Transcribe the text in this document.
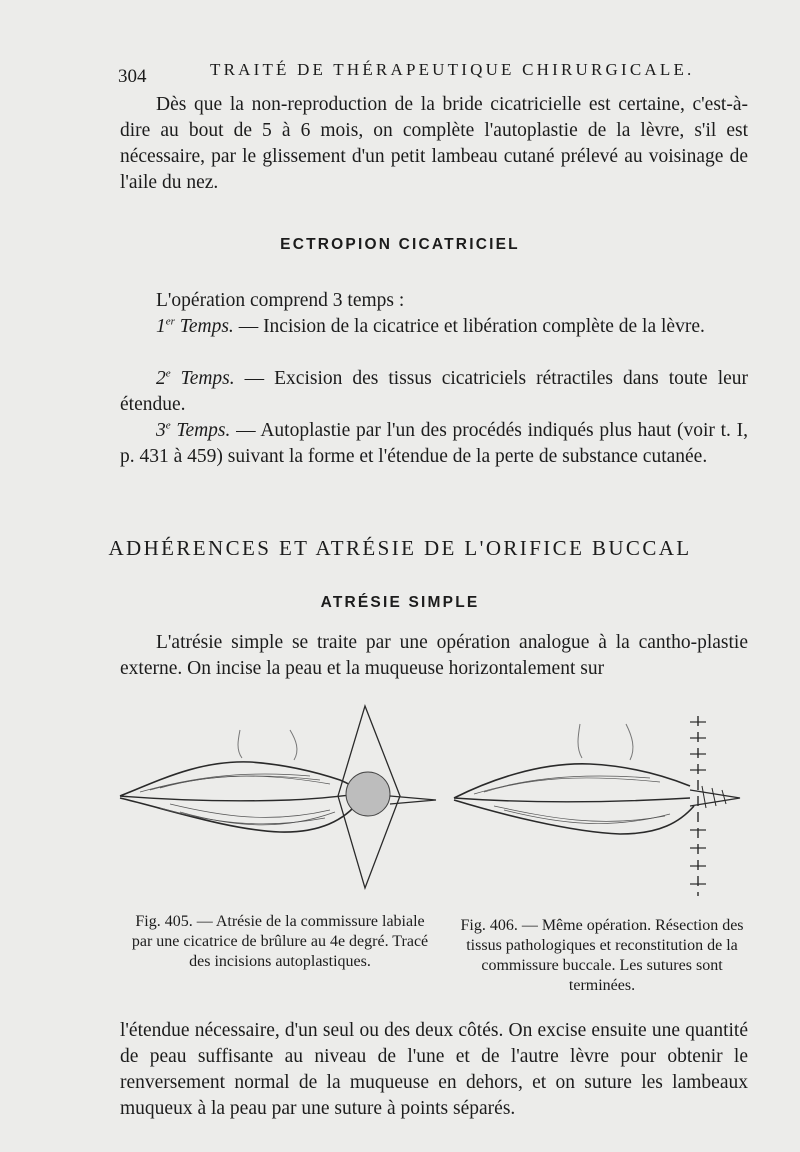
304	TRAITÉ DE THÉRAPEUTIQUE CHIRURGICALE.

Dès que la non-reproduction de la bride cicatricielle est certaine, c'est-à-dire au bout de 5 à 6 mois, on complète l'autoplastie de la lèvre, s'il est nécessaire, par le glissement d'un petit lambeau cutané prélevé au voisinage de l'aile du nez.

ECTROPION CICATRICIEL
L'opération comprend 3 temps :
1er Temps. — Incision de la cicatrice et libération complète de la lèvre.
2e Temps. — Excision des tissus cicatriciels rétractiles dans toute leur étendue.
3e Temps. — Autoplastie par l'un des procédés indiqués plus haut (voir t. I, p. 431 à 459) suivant la forme et l'étendue de la perte de substance cutanée.
ADHÉRENCES ET ATRÉSIE DE L'ORIFICE BUCCAL
ATRÉSIE SIMPLE

L'atrésie simple se traite par une opération analogue à la cantho-plastie externe. On incise la peau et la muqueuse horizontalement sur

Fig. 405. — Atrésie de la commissure labiale par une cicatrice de brûlure au 4e degré. Tracé des incisions autoplastiques.
Fig. 406. — Même opération. Résection des tissus pathologiques et reconstitution de la commissure buccale. Les sutures sont terminées.

l'étendue nécessaire, d'un seul ou des deux côtés. On excise ensuite une quantité de peau suffisante au niveau de l'une et de l'autre lèvre pour obtenir le renversement normal de la muqueuse en dehors, et on suture les lambeaux muqueux à la peau par une suture à points séparés.
